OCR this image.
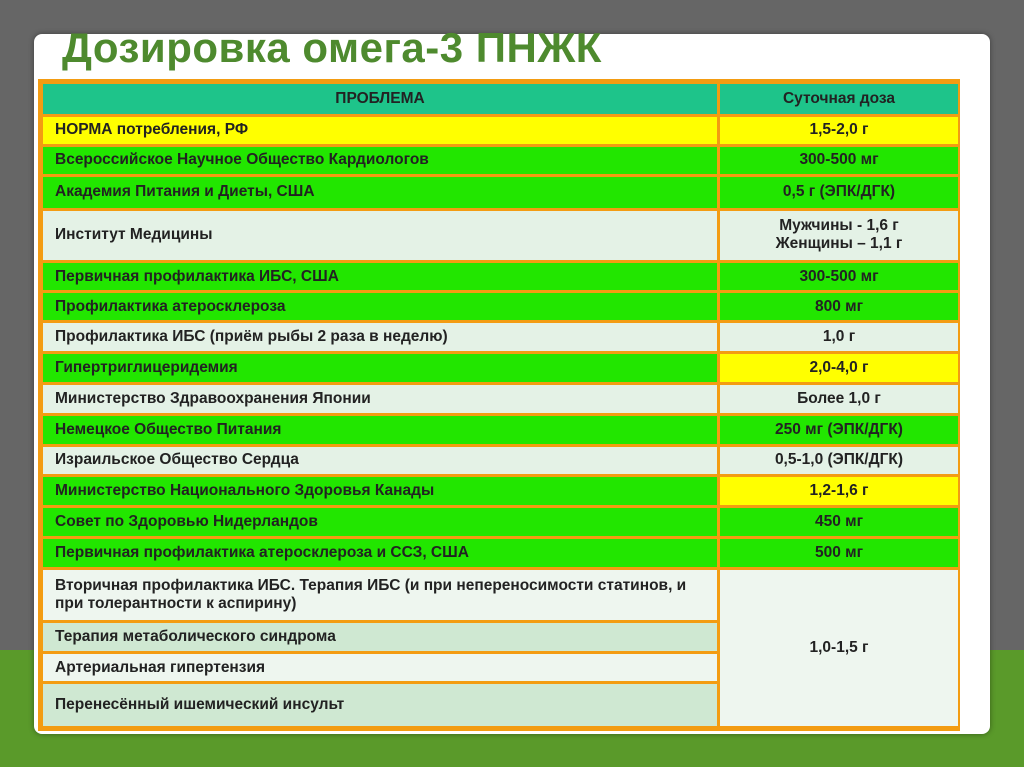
Дозировка омега-3 ПНЖК
ПРОБЛЕМА	Суточная доза
НОРМА потребления, РФ	1,5-2,0 г
Всероссийское Научное Общество Кардиологов	300-500 мг
Академия Питания и Диеты, США	0,5 г (ЭПК/ДГК)
Институт Медицины	Мужчины - 1,6 г
Женщины – 1,1 г

Первичная профилактика ИБС, США	300-500 мг
Профилактика атеросклероза	800 мг
Профилактика ИБС (приём рыбы 2 раза в неделю)	1,0 г
Гипертриглицеридемия	2,0-4,0 г
Министерство Здравоохранения Японии	Более 1,0 г
Немецкое Общество Питания	250 мг (ЭПК/ДГК)
Израильское Общество Сердца	0,5-1,0 (ЭПК/ДГК)
Министерство Национального Здоровья Канады	1,2-1,6 г
Совет по Здоровью Нидерландов	450 мг
Первичная профилактика атеросклероза и ССЗ, США	500 мг
Вторичная профилактика ИБС. Терапия ИБС (и при непереносимости статинов, и при толерантности к аспирину)	1,0-1,5 г
Терапия метаболического синдрома	
Артериальная гипертензия	
Перенесённый ишемический инсульт	
